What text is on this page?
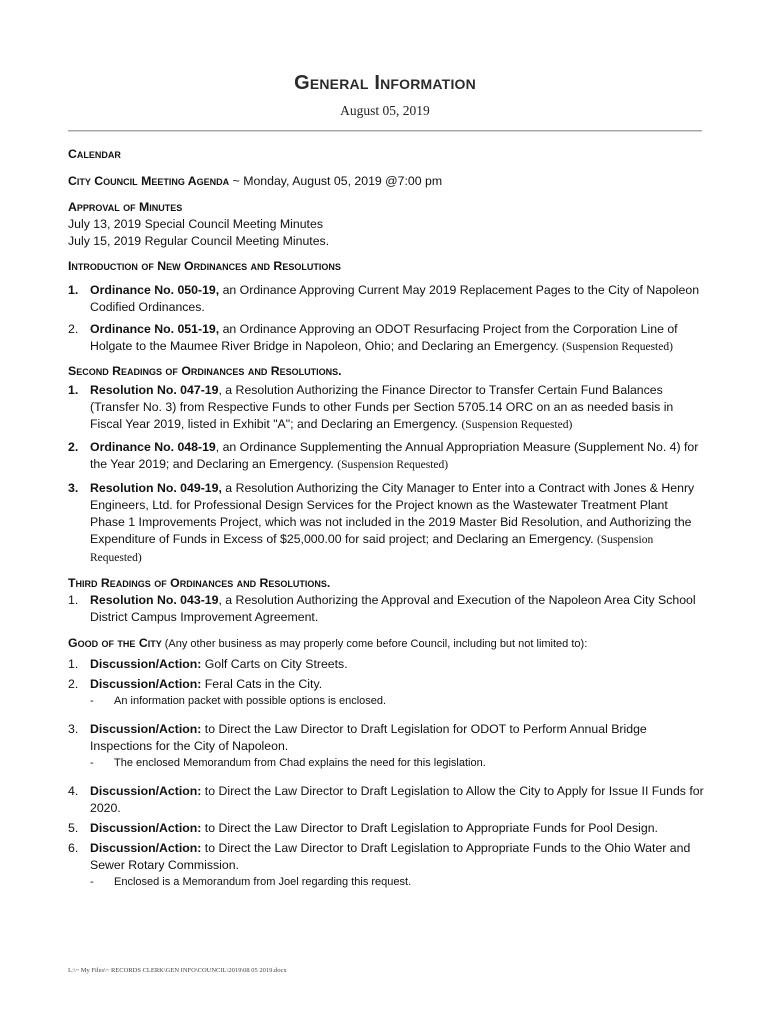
General Information
August 05, 2019

Calendar

City Council Meeting Agenda ~ Monday, August 05, 2019 @7:00 pm

Approval of Minutes

July 13, 2019 Special Council Meeting Minutes

July 15, 2019 Regular Council Meeting Minutes.

Introduction of New Ordinances and Resolutions

1. Ordinance No. 050-19, an Ordinance Approving Current May 2019 Replacement Pages to the City of Napoleon Codified Ordinances.
2. Ordinance No. 051-19, an Ordinance Approving an ODOT Resurfacing Project from the Corporation Line of Holgate to the Maumee River Bridge in Napoleon, Ohio; and Declaring an Emergency. (Suspension Requested)

Second Readings of Ordinances and Resolutions.

1. Resolution No. 047-19, a Resolution Authorizing the Finance Director to Transfer Certain Fund Balances (Transfer No. 3) from Respective Funds to other Funds per Section 5705.14 ORC on an as needed basis in Fiscal Year 2019, listed in Exhibit "A"; and Declaring an Emergency. (Suspension Requested)
2. Ordinance No. 048-19, an Ordinance Supplementing the Annual Appropriation Measure (Supplement No. 4) for the Year 2019; and Declaring an Emergency. (Suspension Requested)
3. Resolution No. 049-19, a Resolution Authorizing the City Manager to Enter into a Contract with Jones & Henry Engineers, Ltd. for Professional Design Services for the Project known as the Wastewater Treatment Plant Phase 1 Improvements Project, which was not included in the 2019 Master Bid Resolution, and Authorizing the Expenditure of Funds in Excess of $25,000.00 for said project; and Declaring an Emergency. (Suspension Requested)

Third Readings of Ordinances and Resolutions.

1. Resolution No. 043-19, a Resolution Authorizing the Approval and Execution of the Napoleon Area City School District Campus Improvement Agreement.

Good of the City (Any other business as may properly come before Council, including but not limited to):

1. Discussion/Action: Golf Carts on City Streets.
2. Discussion/Action: Feral Cats in the City.
-	An information packet with possible options is enclosed.
3. Discussion/Action: to Direct the Law Director to Draft Legislation for ODOT to Perform Annual Bridge Inspections for the City of Napoleon.
-	The enclosed Memorandum from Chad explains the need for this legislation.
4. Discussion/Action: to Direct the Law Director to Draft Legislation to Allow the City to Apply for Issue II Funds for 2020.
5. Discussion/Action: to Direct the Law Director to Draft Legislation to Appropriate Funds for Pool Design.
6. Discussion/Action: to Direct the Law Director to Draft Legislation to Appropriate Funds to the Ohio Water and Sewer Rotary Commission.
-	Enclosed is a Memorandum from Joel regarding this request.
L:\~ My Files\~ RECORDS CLERK\GEN INFO\COUNCIL\2019\08 05 2019.docx
